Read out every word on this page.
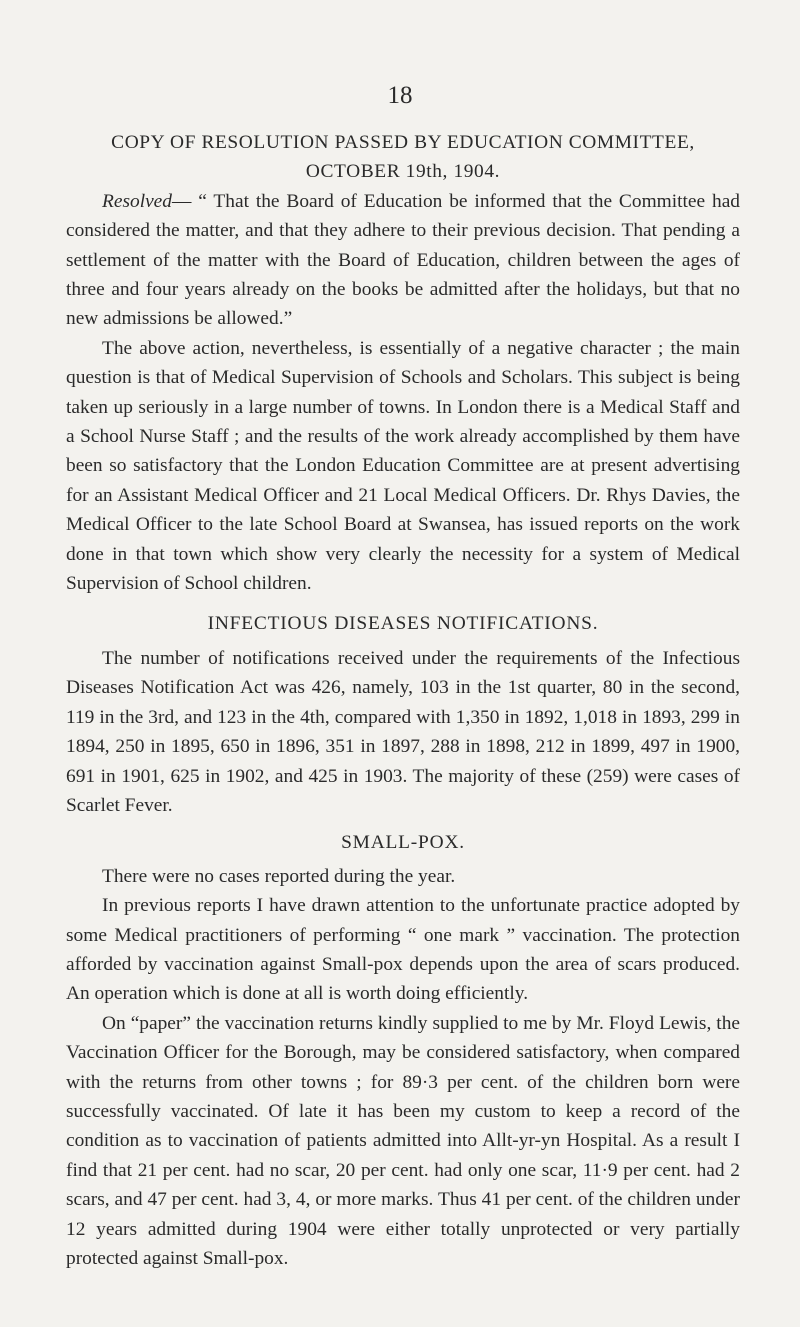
18
COPY OF RESOLUTION PASSED BY EDUCATION COMMITTEE,
OCTOBER 19th, 1904.

Resolved— “ That the Board of Education be informed that the Committee had considered the matter, and that they adhere to their previous decision. That pending a settlement of the matter with the Board of Education, children between the ages of three and four years already on the books be admitted after the holidays, but that no new admissions be allowed.”

The above action, nevertheless, is essentially of a negative character ; the main question is that of Medical Supervision of Schools and Scholars. This subject is being taken up seriously in a large number of towns. In London there is a Medical Staff and a School Nurse Staff ; and the results of the work already accomplished by them have been so satisfactory that the London Education Committee are at present advertising for an Assistant Medical Officer and 21 Local Medical Officers. Dr. Rhys Davies, the Medical Officer to the late School Board at Swansea, has issued reports on the work done in that town which show very clearly the necessity for a system of Medical Supervision of School children.

INFECTIOUS DISEASES NOTIFICATIONS.

The number of notifications received under the requirements of the Infectious Diseases Notification Act was 426, namely, 103 in the 1st quarter, 80 in the second, 119 in the 3rd, and 123 in the 4th, compared with 1,350 in 1892, 1,018 in 1893, 299 in 1894, 250 in 1895, 650 in 1896, 351 in 1897, 288 in 1898, 212 in 1899, 497 in 1900, 691 in 1901, 625 in 1902, and 425 in 1903. The majority of these (259) were cases of Scarlet Fever.

SMALL-POX.

There were no cases reported during the year.

In previous reports I have drawn attention to the unfortunate practice adopted by some Medical practitioners of performing “ one mark ” vaccination. The protection afforded by vaccination against Small-pox depends upon the area of scars produced. An operation which is done at all is worth doing efficiently.

On “paper” the vaccination returns kindly supplied to me by Mr. Floyd Lewis, the Vaccination Officer for the Borough, may be considered satisfactory, when compared with the returns from other towns ; for 89·3 per cent. of the children born were successfully vaccinated. Of late it has been my custom to keep a record of the condition as to vaccination of patients admitted into Allt-yr-yn Hospital. As a result I find that 21 per cent. had no scar, 20 per cent. had only one scar, 11·9 per cent. had 2 scars, and 47 per cent. had 3, 4, or more marks. Thus 41 per cent. of the children under 12 years admitted during 1904 were either totally unprotected or very partially protected against Small-pox.
